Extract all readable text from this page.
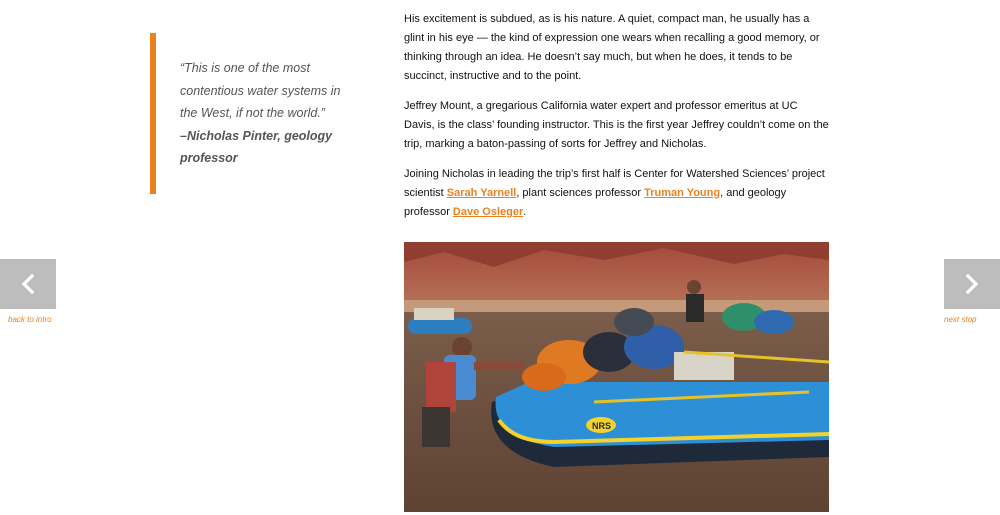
“This is one of the most contentious water systems in the West, if not the world.”
–Nicholas Pinter, geology professor

His excitement is subdued, as is his nature. A quiet, compact man, he usually has a glint in his eye — the kind of expression one wears when recalling a good memory, or thinking through an idea. He doesn’t say much, but when he does, it tends to be succinct, instructive and to the point.

Jeffrey Mount, a gregarious California water expert and professor emeritus at UC Davis, is the class’ founding instructor. This is the first year Jeffrey couldn’t come on the trip, marking a baton-passing of sorts for Jeffrey and Nicholas.

Joining Nicholas in leading the trip’s first half is Center for Watershed Sciences’ project scientist Sarah Yarnell, plant sciences professor Truman Young, and geology professor Dave Osleger.

back to intro	next stop
NRS
